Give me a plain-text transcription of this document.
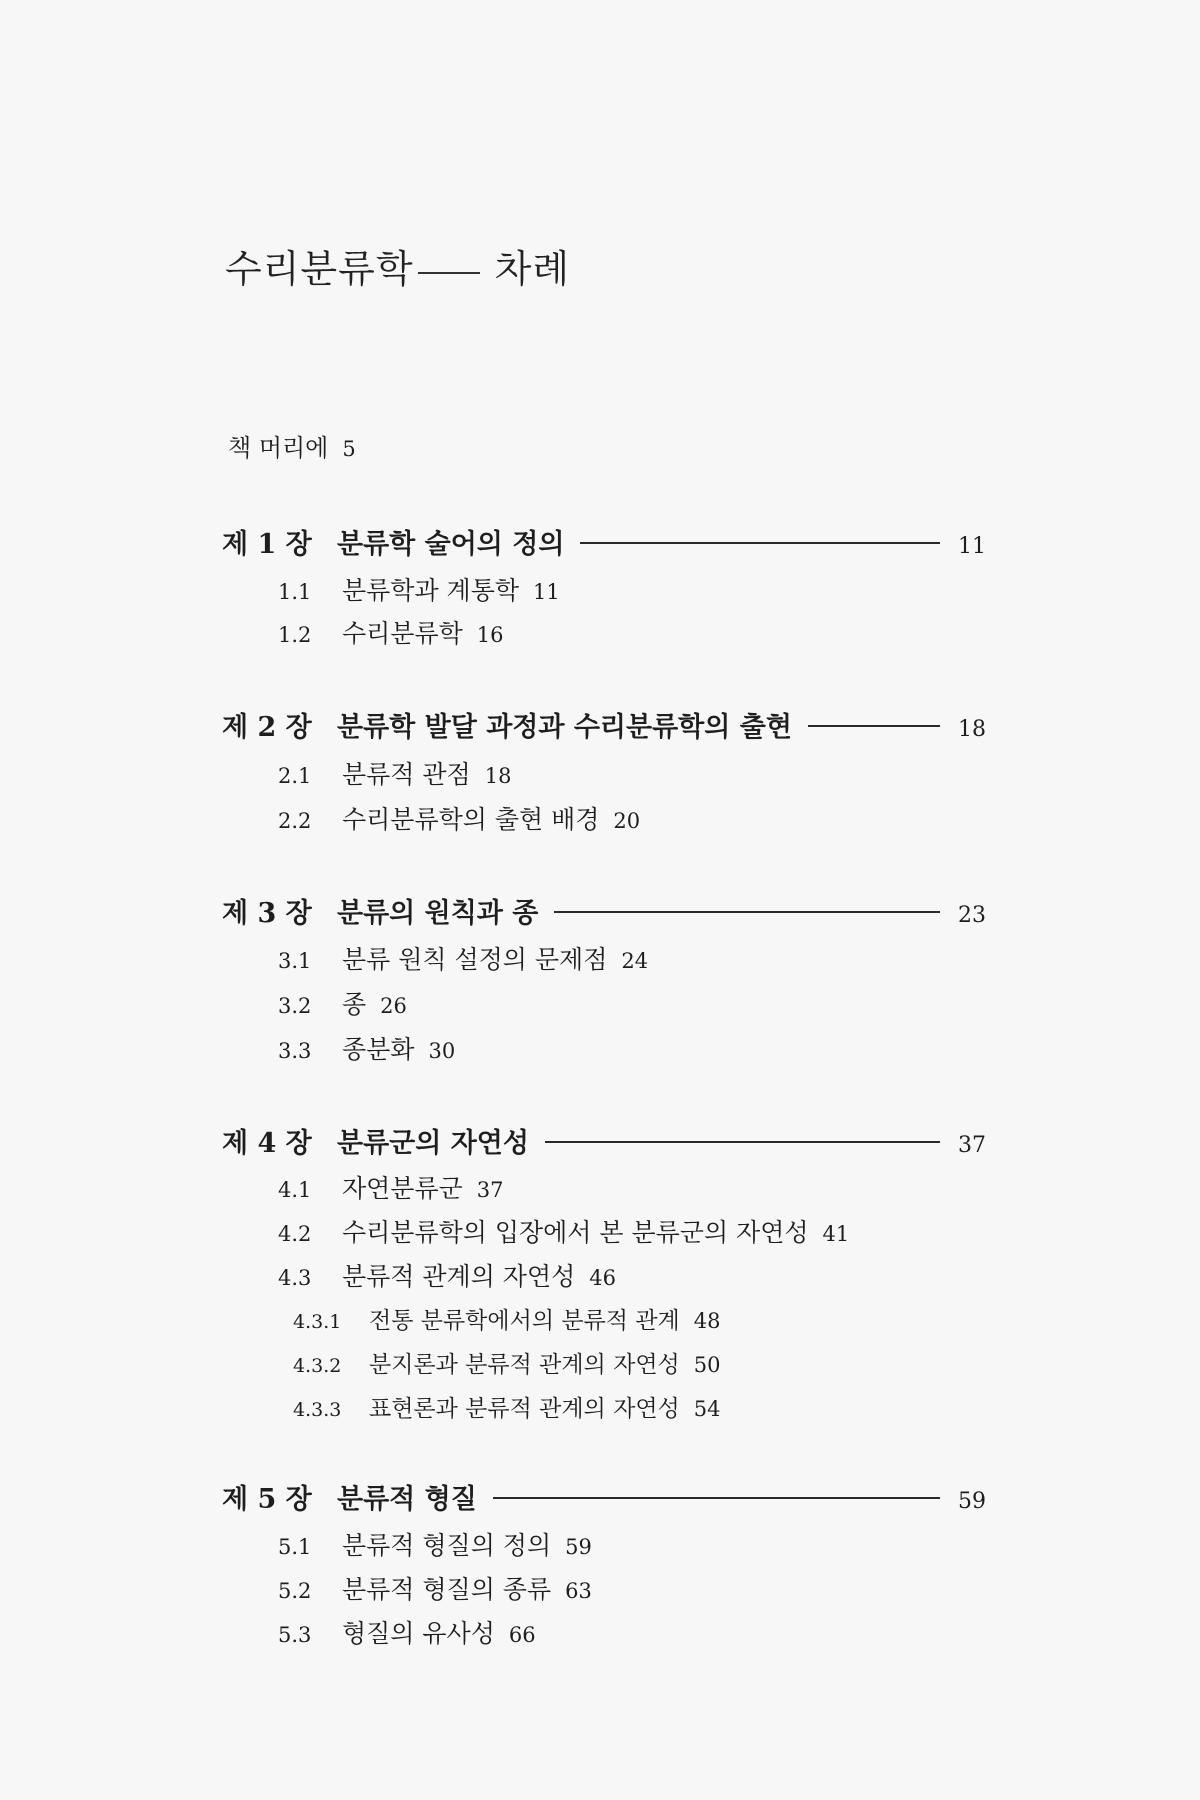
수리분류학 차례
책 머리에 5
제 1 장 분류학 술어의 정의	11
1.1	분류학과 계통학 11
1.2	수리분류학 16
제 2 장 분류학 발달 과정과 수리분류학의 출현	18
2.1	분류적 관점 18
2.2	수리분류학의 출현 배경 20
제 3 장 분류의 원칙과 종	23
3.1	분류 원칙 설정의 문제점 24
3.2	종 26
3.3	종분화 30
제 4 장 분류군의 자연성	37
4.1	자연분류군 37
4.2	수리분류학의 입장에서 본 분류군의 자연성 41
4.3	분류적 관계의 자연성 46
4.3.1	전통 분류학에서의 분류적 관계 48
4.3.2	분지론과 분류적 관계의 자연성 50
4.3.3	표현론과 분류적 관계의 자연성 54
제 5 장 분류적 형질	59
5.1	분류적 형질의 정의 59
5.2	분류적 형질의 종류 63
5.3	형질의 유사성 66
